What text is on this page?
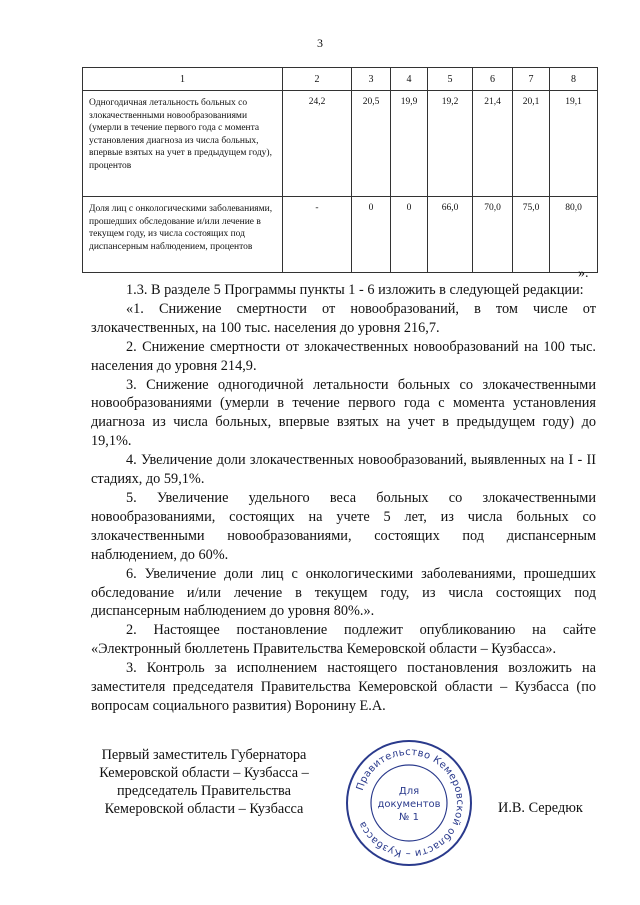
3
1	2	3	4	5	6	7	8
Одногодичная летальность больных со злокачественными новообразованиями (умерли в течение первого года с момента установления диагноза из числа больных, впервые взятых на учет в предыдущем году), процентов	24,2	20,5	19,9	19,2	21,4	20,1	19,1
Доля лиц с онкологическими заболеваниями, прошедших обследование и/или лечение в текущем году, из числа состоящих под диспансерным наблюдением, процентов	-	0	0	66,0	70,0	75,0	80,0
».

1.3. В разделе 5 Программы пункты 1 - 6 изложить в следующей редакции:

«1. Снижение смертности от новообразований, в том числе от злокачественных, на 100 тыс. населения до уровня 216,7.

2. Снижение смертности от злокачественных новообразований на 100 тыс. населения до уровня 214,9.

3. Снижение одногодичной летальности больных со злокачественными новообразованиями (умерли в течение первого года с момента установления диагноза из числа больных, впервые взятых на учет в предыдущем году) до 19,1%.

4. Увеличение доли злокачественных новообразований, выявленных на I - II стадиях, до 59,1%.

5. Увеличение удельного веса больных со злокачественными новообразованиями, состоящих на учете 5 лет, из числа больных со злокачественными новообразованиями, состоящих под диспансерным наблюдением, до 60%.

6. Увеличение доли лиц с онкологическими заболеваниями, прошедших обследование и/или лечение в текущем году, из числа состоящих под диспансерным наблюдением до уровня 80%.».

2. Настоящее постановление подлежит опубликованию на сайте «Электронный бюллетень Правительства Кемеровской области – Кузбасса».

3. Контроль за исполнением настоящего постановления возложить на заместителя председателя Правительства Кемеровской области – Кузбасса (по вопросам социального развития) Воронину Е.А.

Первый заместитель Губернатора
Кемеровской области – Кузбасса –
председатель Правительства
Кемеровской области – Кузбасса
Правительство Кемеровской области – Кузбасса
Для
документов
№ 1
И.В. Середюк
